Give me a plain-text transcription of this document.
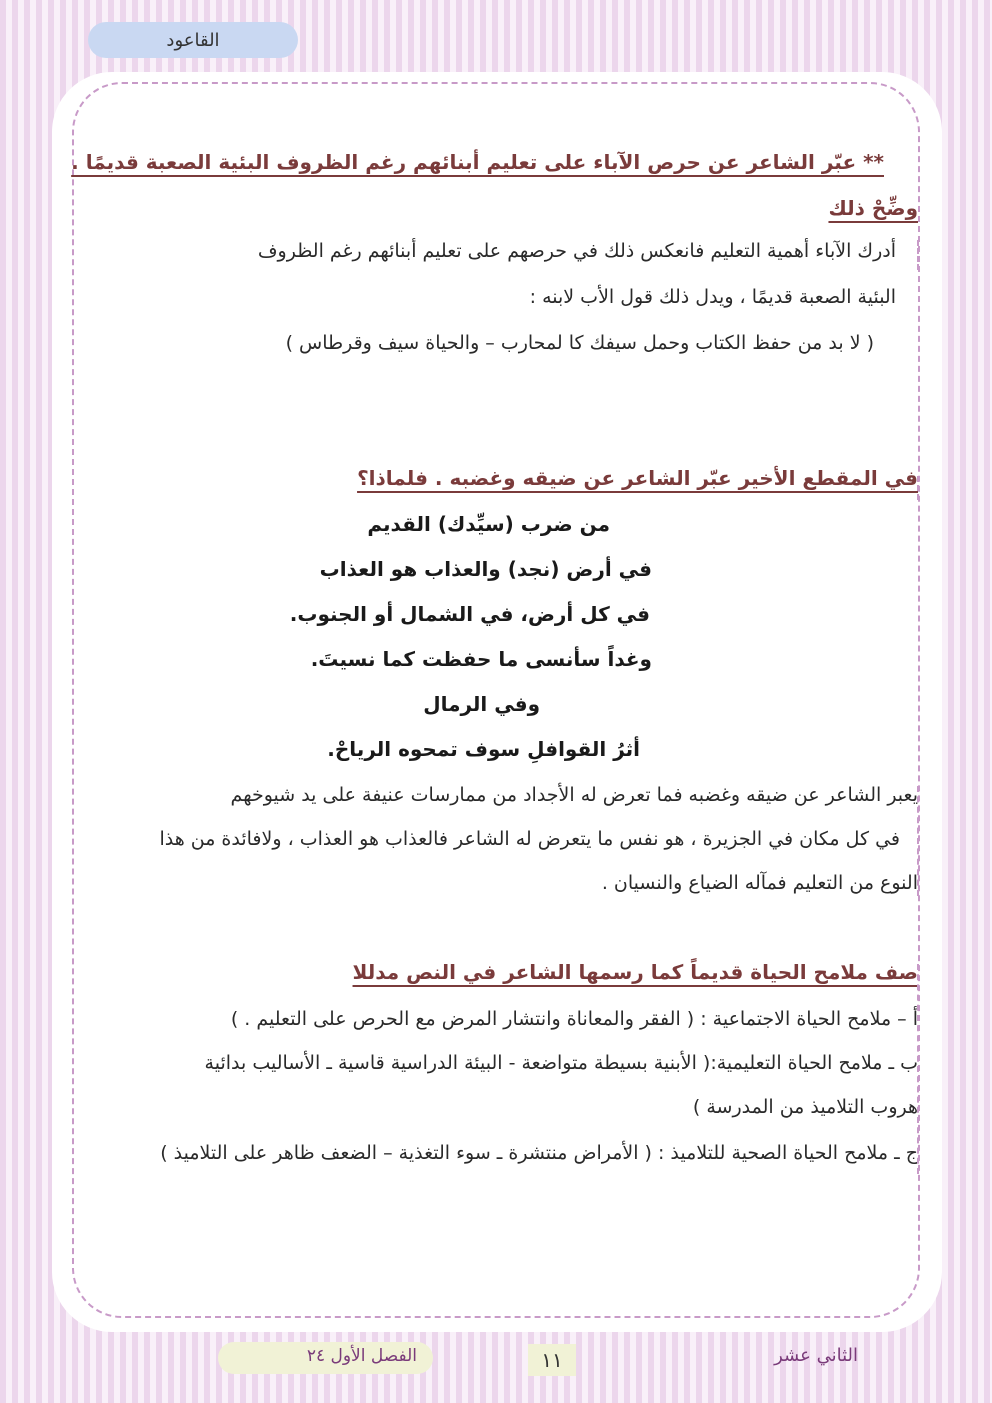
القاعود
** عبّر الشاعر عن حرص الآباء على تعليم أبنائهم رغم الظروف البئية الصعبة قديمًا .
وضِّحْ ذلك
أدرك الآباء أهمية التعليم فانعكس ذلك في حرصهم على تعليم أبنائهم رغم الظروف
البئية الصعبة قديمًا ، ويدل ذلك قول الأب لابنه :
( لا بد من حفظ الكتاب وحمل سيفك كا لمحارب – والحياة سيف وقرطاس )
في المقطع الأخير عبّر الشاعر عن ضيقه وغضبه . فلماذا؟
من ضرب (سيِّدك) القديم
في أرض (نجد) والعذاب هو العذاب
في كل أرض، في الشمال أو الجنوب.
وغداً سأنسى ما حفظت كما نسيتَ.
وفي الرمال
أثرُ القوافلِ سوف تمحوه الرياحْ.
يعبر الشاعر عن ضيقه وغضبه فما تعرض له الأجداد من ممارسات عنيفة على يد شيوخهم
في كل مكان في الجزيرة ، هو نفس ما يتعرض له الشاعر فالعذاب هو العذاب ، ولافائدة من هذا
النوع من التعليم فمآله الضياع والنسيان .
صف ملامح الحياة قديماً كما رسمها الشاعر في النص مدللا
أ – ملامح الحياة الاجتماعية : ( الفقر والمعاناة وانتشار المرض مع الحرص على التعليم . )
ب ـ ملامح الحياة التعليمية:( الأبنية بسيطة متواضعة - البيئة الدراسية قاسية ـ الأساليب بدائية
هروب التلاميذ من المدرسة )
ج ـ ملامح الحياة الصحية للتلاميذ : ( الأمراض منتشرة ـ سوء التغذية – الضعف ظاهر على التلاميذ )
الفصل الأول ٢٤	١١	الثاني عشر
